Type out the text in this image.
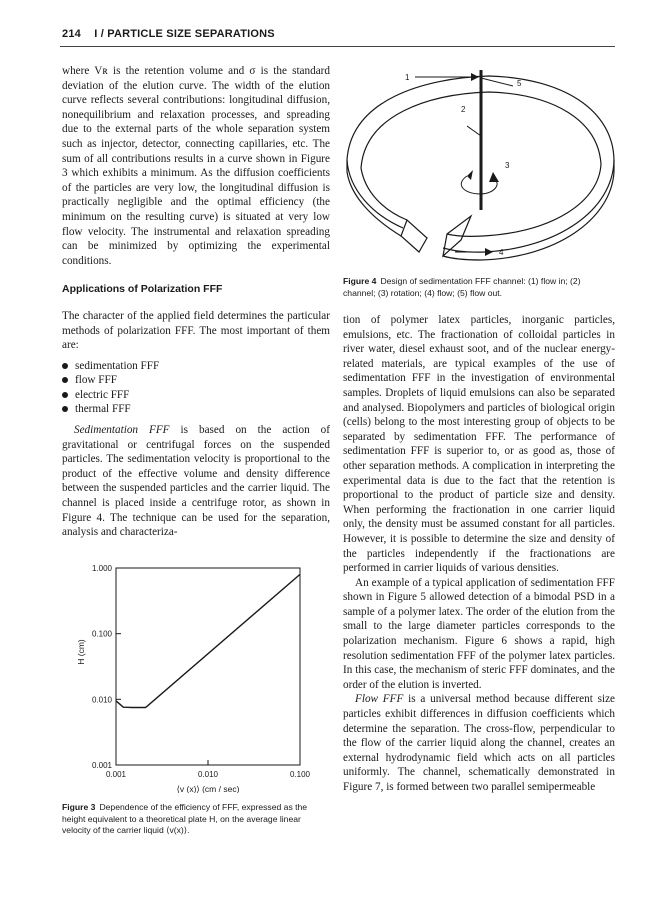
214 I / PARTICLE SIZE SEPARATIONS

where Vʀ is the retention volume and σ is the standard deviation of the elution curve. The width of the elution curve reflects several contributions: longitudinal diffusion, nonequilibrium and relaxation processes, and spreading due to the external parts of the whole separation system such as injector, detector, connecting capillaries, etc. The sum of all contributions results in a curve shown in Figure 3 which exhibits a minimum. As the diffusion coefficients of the particles are very low, the longitudinal diffusion is practically negligible and the optimal efficiency (the minimum on the resulting curve) is situated at very low flow velocity. The instrumental and relaxation spreading can be minimized by optimizing the experimental conditions.

Applications of Polarization FFF

The character of the applied field determines the particular methods of polarization FFF. The most important of them are:

sedimentation FFF
flow FFF
electric FFF
thermal FFF

Sedimentation FFF is based on the action of gravitational or centrifugal forces on the suspended particles. The sedimentation velocity is proportional to the product of the effective volume and density difference between the suspended particles and the carrier liquid. The channel is placed inside a centrifuge rotor, as shown in Figure 4. The technique can be used for the separation, analysis and characteriza-

0.001
0.010
0.100
1.000
0.001	0.010	0.100
H (cm)
⟨v (x)⟩ (cm / sec)
Figure 3 Dependence of the efficiency of FFF, expressed as the height equivalent to a theoretical plate H, on the average linear velocity of the carrier liquid ⟨v(x)⟩.
1
2
3
4
5
Figure 4 Design of sedimentation FFF channel: (1) flow in; (2) channel; (3) rotation; (4) flow; (5) flow out.

tion of polymer latex particles, inorganic particles, emulsions, etc. The fractionation of colloidal particles in river water, diesel exhaust soot, and of the nuclear energy-related materials, are typical examples of the use of sedimentation FFF in the investigation of environmental samples. Droplets of liquid emulsions can also be separated and analysed. Biopolymers and particles of biological origin (cells) belong to the most interesting group of objects to be separated by sedimentation FFF. The performance of sedimentation FFF is superior to, or as good as, those of other separation methods. A complication in interpreting the experimental data is due to the fact that the retention is proportional to the product of particle size and density. When performing the fractionation in one carrier liquid only, the density must be assumed constant for all particles. However, it is possible to determine the size and density of the particles independently if the fractionations are performed in carrier liquids of various densities.

An example of a typical application of sedimentation FFF shown in Figure 5 allowed detection of a bimodal PSD in a sample of a polymer latex. The order of the elution from the small to the large diameter particles corresponds to the polarization mechanism. Figure 6 shows a rapid, high resolution sedimentation FFF of the polymer latex particles. In this case, the mechanism of steric FFF dominates, and the order of the elution is inverted.

Flow FFF is a universal method because different size particles exhibit differences in diffusion coefficients which determine the separation. The cross-flow, perpendicular to the flow of the carrier liquid along the channel, creates an external hydrodynamic field which acts on all particles uniformly. The channel, schematically demonstrated in Figure 7, is formed between two parallel semipermeable
